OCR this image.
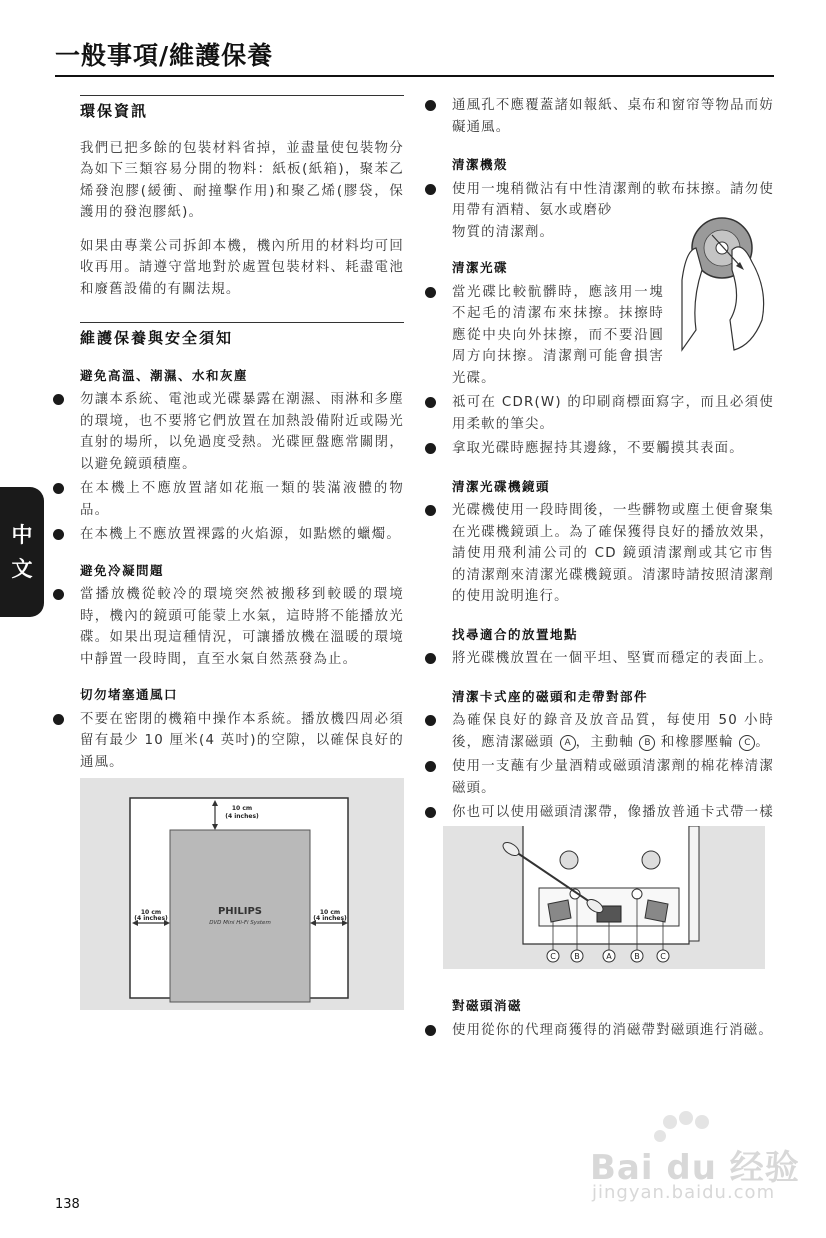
一般事項/維護保養
環保資訊

我們已把多餘的包裝材料省掉，並盡量使包裝物分為如下三類容易分開的物料：紙板(紙箱)，聚苯乙烯發泡膠(緩衝、耐撞擊作用)和聚乙烯(膠袋，保護用的發泡膠紙)。

如果由專業公司拆卸本機，機內所用的材料均可回收再用。請遵守當地對於處置包裝材料、耗盡電池和廢舊設備的有關法規。

維護保養與安全須知
避免高溫、潮濕、水和灰塵
勿讓本系統、電池或光碟暴露在潮濕、雨淋和多塵的環境，也不要將它們放置在加熱設備附近或陽光直射的場所，以免過度受熱。光碟匣盤應常關閉，以避免鏡頭積塵。
在本機上不應放置諸如花瓶一類的裝滿液體的物品。
在本機上不應放置裸露的火焰源，如點燃的蠟燭。
避免冷凝問題
當播放機從較冷的環境突然被搬移到較暖的環境時，機內的鏡頭可能蒙上水氣，這時將不能播放光碟。如果出現這種情況，可讓播放機在溫暖的環境中靜置一段時間，直至水氣自然蒸發為止。
切勿堵塞通風口
不要在密閉的機箱中操作本系統。播放機四周必須留有最少 10 厘米(4 英吋)的空隙，以確保良好的通風。
10 cm
(4 inches)
10 cm
(4 inches)
10 cm
(4 inches)
PHILIPS
DVD Mini Hi-Fi System
通風孔不應覆蓋諸如報紙、桌布和窗帘等物品而妨礙通風。
清潔機殼
使用一塊稍微沾有中性清潔劑的軟布抹擦。請勿使用帶有酒精、氨水或磨砂
物質的清潔劑。
清潔光碟
當光碟比較骯髒時，應該用一塊不起毛的清潔布來抹擦。抹擦時應從中央向外抹擦，而不要沿圓周方向抹擦。清潔劑可能會損害光碟。
祗可在 CDR(W) 的印刷商標面寫字，而且必須使用柔軟的筆尖。
拿取光碟時應握持其邊緣，不要觸摸其表面。
清潔光碟機鏡頭
光碟機使用一段時間後，一些髒物或塵土便會聚集在光碟機鏡頭上。為了確保獲得良好的播放效果，請使用飛利浦公司的 CD 鏡頭清潔劑或其它市售的清潔劑來清潔光碟機鏡頭。清潔時請按照清潔劑的使用說明進行。
找尋適合的放置地點
將光碟機放置在一個平坦、堅實而穩定的表面上。
清潔卡式座的磁頭和走帶對部件
為確保良好的錄音及放音品質，每使用 50 小時後，應清潔磁頭 A ，主動軸 B 和橡膠壓輪 C 。
使用一支蘸有少量酒精或磁頭清潔劑的棉花棒清潔磁頭。
你也可以使用磁頭清潔帶，像播放普通卡式帶一樣
C B	A	B	C
對磁頭消磁
使用從你的代理商獲得的消磁帶對磁頭進行消磁。
中
文
Bai du 经验
jingyan.baidu.com
138
